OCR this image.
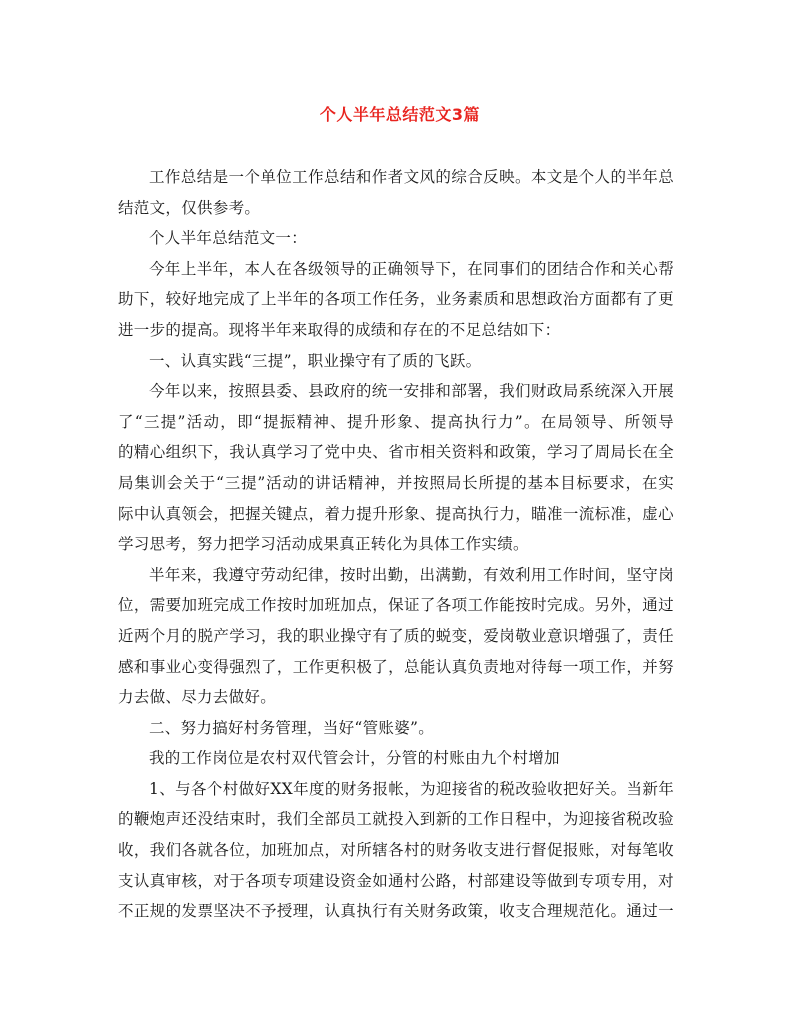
个人半年总结范文3篇
工作总结是一个单位工作总结和作者文风的综合反映。本文是个人的半年总
结范文，仅供参考。
个人半年总结范文一：
今年上半年，本人在各级领导的正确领导下，在同事们的团结合作和关心帮
助下，较好地完成了上半年的各项工作任务，业务素质和思想政治方面都有了更
进一步的提高。现将半年来取得的成绩和存在的不足总结如下：
一、认真实践“三提”，职业操守有了质的飞跃。
今年以来，按照县委、县政府的统一安排和部署，我们财政局系统深入开展
了“三提”活动，即“提振精神、提升形象、提高执行力”。在局领导、所领导
的精心组织下，我认真学习了党中央、省市相关资料和政策，学习了周局长在全
局集训会关于“三提”活动的讲话精神，并按照局长所提的基本目标要求，在实
际中认真领会，把握关键点，着力提升形象、提高执行力，瞄准一流标准，虚心
学习思考，努力把学习活动成果真正转化为具体工作实绩。
半年来，我遵守劳动纪律，按时出勤，出满勤，有效利用工作时间，坚守岗
位，需要加班完成工作按时加班加点，保证了各项工作能按时完成。另外，通过
近两个月的脱产学习，我的职业操守有了质的蜕变，爱岗敬业意识增强了，责任
感和事业心变得强烈了，工作更积极了，总能认真负责地对待每一项工作，并努
力去做、尽力去做好。
二、努力搞好村务管理，当好“管账婆”。
我的工作岗位是农村双代管会计，分管的村账由九个村增加
1、与各个村做好XX年度的财务报帐，为迎接省的税改验收把好关。当新年
的鞭炮声还没结束时，我们全部员工就投入到新的工作日程中，为迎接省税改验
收，我们各就各位，加班加点，对所辖各村的财务收支进行督促报账，对每笔收
支认真审核，对于各项专项建设资金如通村公路，村部建设等做到专项专用，对
不正规的发票坚决不予授理，认真执行有关财务政策，收支合理规范化。通过一
